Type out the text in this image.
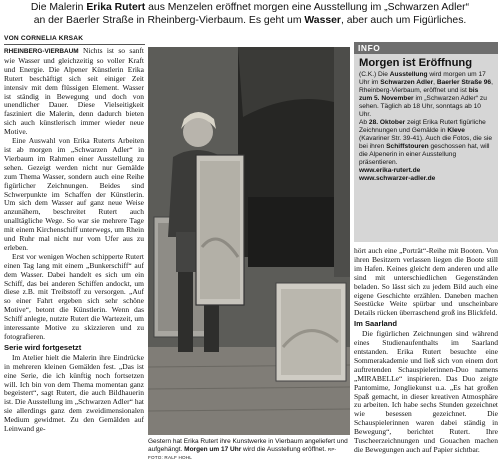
Die Malerin Erika Rutert aus Menzelen eröffnet morgen eine Ausstellung im „Schwarzen Adler“
an der Baerler Straße in Rheinberg-Vierbaum. Es geht um Wasser, aber auch um Figürliches.
VON CORNELIA KRSAK

RHEINBERG-VIERBAUM Nichts ist so sanft wie Wasser und gleichzeitig so voller Kraft und Energie. Die Alpener Künstlerin Erika Rutert beschäftigt sich seit einiger Zeit intensiv mit dem flüssigen Element. Wasser ist ständig in Bewegung und doch von unendlicher Dauer. Diese Vielseitigkeit fasziniert die Malerin, denn dadurch bieten sich auch künstlerisch immer wieder neue Motive.

Eine Auswahl von Erika Ruterts Arbeiten ist ab morgen im „Schwarzen Adler“ in Vierbaum im Rahmen einer Ausstellung zu sehen. Gezeigt werden nicht nur Gemälde zum Thema Wasser, sondern auch eine Reihe figürlicher Zeichnungen. Beides sind Schwerpunkte im Schaffen der Künstlerin. Um sich dem Wasser auf ganz neue Weise anzunähern, beschreitet Rutert auch unalltägliche Wege. So war sie mehrere Tage mit einem Kirchenschiff unterwegs, um Rhein und Ruhr mal nicht nur vom Ufer aus zu erleben.

Erst vor wenigen Wochen schipperte Rutert einen Tag lang mit einem „Bunkerschiff“ auf dem Wasser. Dabei handelt es sich um ein Schiff, das bei anderen Schiffen andockt, um diese z.B. mit Treibstoff zu versorgen. „Auf so einer Fahrt ergeben sich sehr schöne Motive“, betont die Künstlerin. Wenn das Schiff anlegte, nutzte Rutert die Wartezeit, um interessante Motive zu skizzieren und zu fotografieren.

Serie wird fortgesetzt

Im Atelier hielt die Malerin ihre Eindrücke in mehreren kleinen Gemälden fest. „Das ist eine Serie, die ich künftig noch fortsetzen will. Ich bin von dem Thema momentan ganz begeistert“, sagt Rutert, die auch Bildhauerin ist. Die Ausstellung im „Schwarzen Adler“ hat sie allerdings ganz dem zweidimensionalen Medium gewidmet. Zu den Gemälden auf Leinwand ge-

Gestern hat Erika Rutert ihre Kunstwerke in Vierbaum angeliefert und aufgehängt. Morgen um 17 Uhr wird die Ausstellung eröffnet. RP-FOTO: RALF HOHL
INFO
Morgen ist Eröffnung
(C.K.) Die Ausstellung wird morgen um 17 Uhr im Schwarzen Adler, Baerler Straße 96, Rheinberg-Vierbaum, eröffnet und ist bis zum 5. November im „Schwarzen Adler“ zu sehen. Täglich ab 18 Uhr, sonntags ab 10 Uhr.
Ab 28. Oktober zeigt Erika Rutert figürliche Zeichnungen und Gemälde in Kleve (Kavariner Str. 39-41). Auch die Fotos, die sie bei ihren Schiffstouren geschossen hat, will die Alpenerin in einer Ausstellung präsentieren.
www.erika-rutert.de
www.schwarzer-adler.de

hört auch eine „Porträt“-Reihe mit Booten. Von ihren Besitzern verlassen liegen die Boote still im Hafen. Keines gleicht dem anderen und alle sind mit unterschiedlichen Gegenständen beladen. So lässt sich zu jedem Bild auch eine eigene Geschichte erzählen. Daneben machen Seestücke Weite spürbar und unscheinbare Details rücken überraschend groß ins Blickfeld.

Im Saarland

Die figürlichen Zeichnungen sind während eines Studienaufenthalts im Saarland entstanden. Erika Rutert besuchte eine Sommerakademie und ließ sich von einem dort auftretenden Schauspielerinnen-Duo namens „MIRABELLe“ inspirieren. Das Duo zeigte Pantomime, Jongliekunst u.a. „Es hat großen Spaß gemacht, in dieser kreativen Atmosphäre zu arbeiten. Ich habe sechs Stunden gezeichnet wie besessen gezeichnet. Die Schauspielerinnen waren dabei ständig in Bewegung“, berichtet Rutert. Ihre Tuscheerzeichnungen und Gouachen machen die Bewegungen auch auf Papier sichtbar.
